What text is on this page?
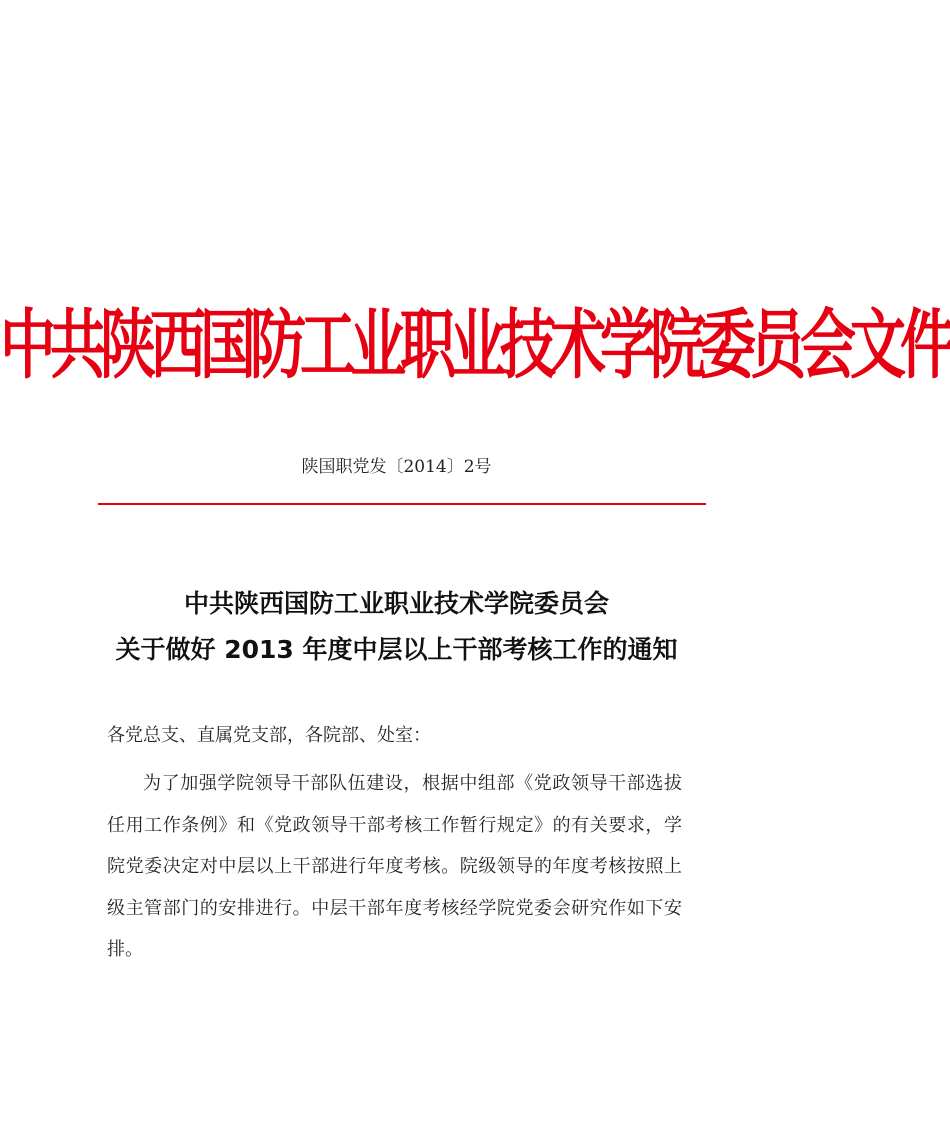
中共陕西国防工业职业技术学院委员会文件
陕国职党发〔2014〕2号
中共陕西国防工业职业技术学院委员会
关于做好 2013 年度中层以上干部考核工作的通知
各党总支、直属党支部，各院部、处室：

为了加强学院领导干部队伍建设，根据中组部《党政领导干部选拔任用工作条例》和《党政领导干部考核工作暂行规定》的有关要求，学院党委决定对中层以上干部进行年度考核。院级领导的年度考核按照上级主管部门的安排进行。中层干部年度考核经学院党委会研究作如下安排。
